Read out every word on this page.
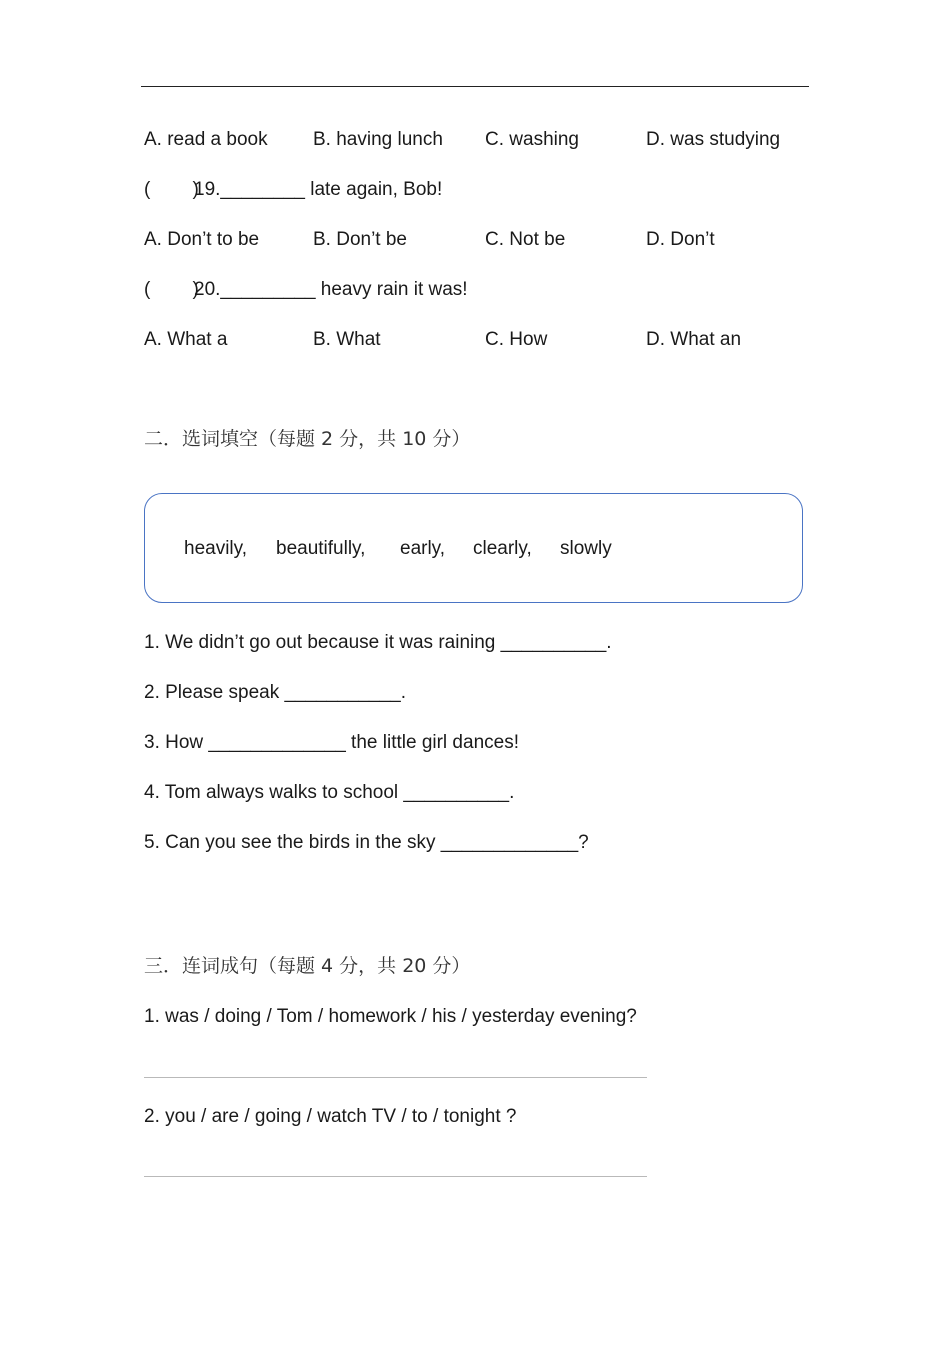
A. read a book B. having lunch C. washing	D. was studying
(        )
19.________ late again, Bob!
A. Don’t to be	B. Don’t be	C. Not be	D. Don’t
(        )
20._________ heavy rain it was!
A. What a	B. What	C. How	D. What an
二．选词填空（每题 2 分，共 10 分）
heavily, beautifully, early, clearly, slowly
1. We didn’t go out because it was raining __________.
2. Please speak ___________.
3. How _____________ the little girl dances!
4. Tom always walks to school __________.
5. Can you see the birds in the sky _____________?
三．连词成句（每题 4 分，共 20 分）
1. was / doing / Tom / homework / his / yesterday evening?
2. you / are / going / watch TV / to / tonight ?
